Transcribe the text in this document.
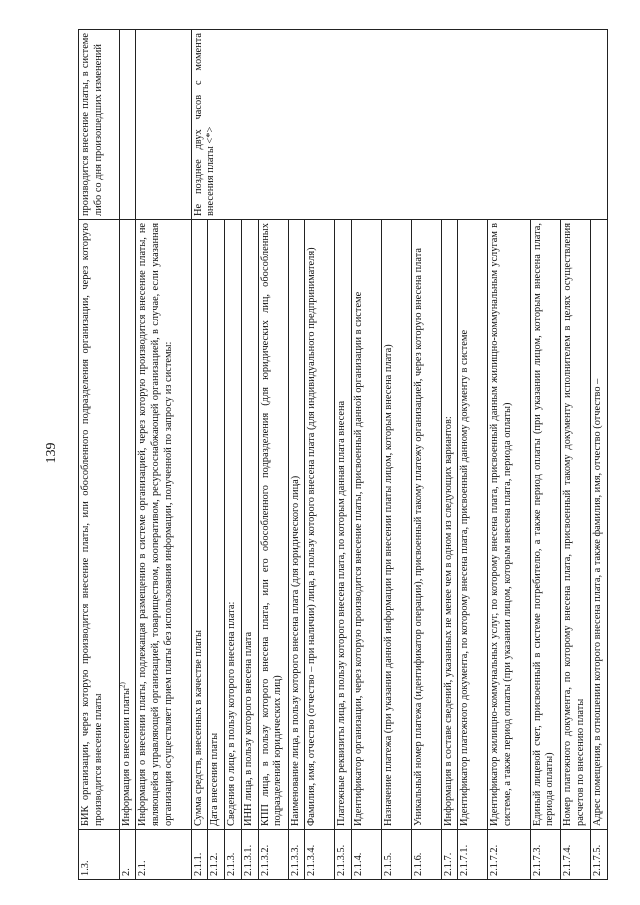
139
1.3.	БИК организации, через которую производится внесение платы, или обособленного подразделения организации, через которую производится внесение платы	производится внесение платы, в системе либо со дня произошедших изменений
2.	Информация о внесении платы$^{2)}$	
2.1.	Информация о внесении платы, подлежащая размещению в системе организацией, через которую производится внесение платы, не являющейся управляющей организацией, товариществом, кооперативом, ресурсоснабжающей организацией, в случае, если указанная организация осуществляет прием платы без использования информации, полученной по запросу из системы:	
2.1.1.	Сумма средств, внесенных в качестве платы	Не позднее двух часов с момента внесения платы <*>
2.1.2.	Дата внесения платы	
2.1.3.	Сведения о лице, в пользу которого внесена плата:	
2.1.3.1.	ИНН лица, в пользу которого внесена плата	
2.1.3.2.	КПП лица, в пользу которого внесена плата, или его обособленного подразделения (для юридических лиц, обособленных подразделений юридических лиц)	
2.1.3.3.	Наименование лица, в пользу которого внесена плата (для юридического лица)	
2.1.3.4.	Фамилия, имя, отчество (отчество – при наличии) лица, в пользу которого внесена плата (для индивидуального предпринимателя)	
2.1.3.5.	Платежные реквизиты лица, в пользу которого внесена плата, по которым данная плата внесена	
2.1.4.	Идентификатор организации, через которую производится внесение платы, присвоенный данной организации в системе	
2.1.5.	Назначение платежа (при указании данной информации при внесении платы лицом, которым внесена плата)	
2.1.6.	Уникальный номер платежа (идентификатор операции), присвоенный такому платежу организацией, через которую внесена плата	
2.1.7.	Информация в составе сведений, указанных не менее чем в одном из следующих вариантов:	
2.1.7.1.	Идентификатор платежного документа, по которому внесена плата, присвоенный данному документу в системе	
2.1.7.2.	Идентификатор жилищно-коммунальных услуг, по которому внесена плата, присвоенный данным жилищно-коммунальным услугам в системе, а также период оплаты (при указании лицом, которым внесена плата, периода оплаты)	
2.1.7.3.	Единый лицевой счет, присвоенный в системе потребителю, а также период оплаты (при указании лицом, которым внесена плата, периода оплаты)	
2.1.7.4.	Номер платежного документа, по которому внесена плата, присвоенный такому документу исполнителем в целях осуществления расчетов по внесению платы	
2.1.7.5.	Адрес помещения, в отношении которого внесена плата, а также фамилия, имя, отчество (отчество –	
